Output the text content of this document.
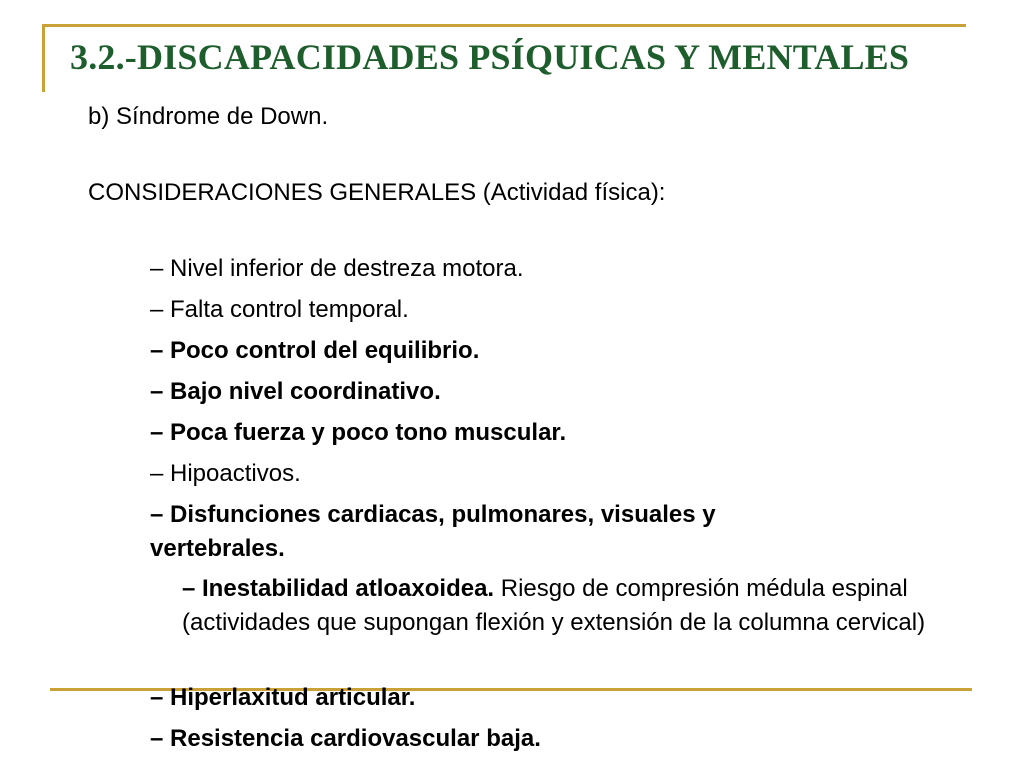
3.2.-DISCAPACIDADES PSÍQUICAS Y MENTALES
b) Síndrome de Down.
CONSIDERACIONES GENERALES (Actividad física):
– Nivel inferior de destreza motora.
– Falta control temporal.
– Poco control del equilibrio.
– Bajo nivel coordinativo.
– Poca fuerza y poco tono muscular.
– Hipoactivos.
– Disfunciones cardiacas, pulmonares, visuales y vertebrales.
– Inestabilidad atloaxoidea. Riesgo de compresión médula espinal (actividades que supongan flexión y extensión de la columna cervical)
– Hiperlaxitud articular.
– Resistencia cardiovascular baja.
